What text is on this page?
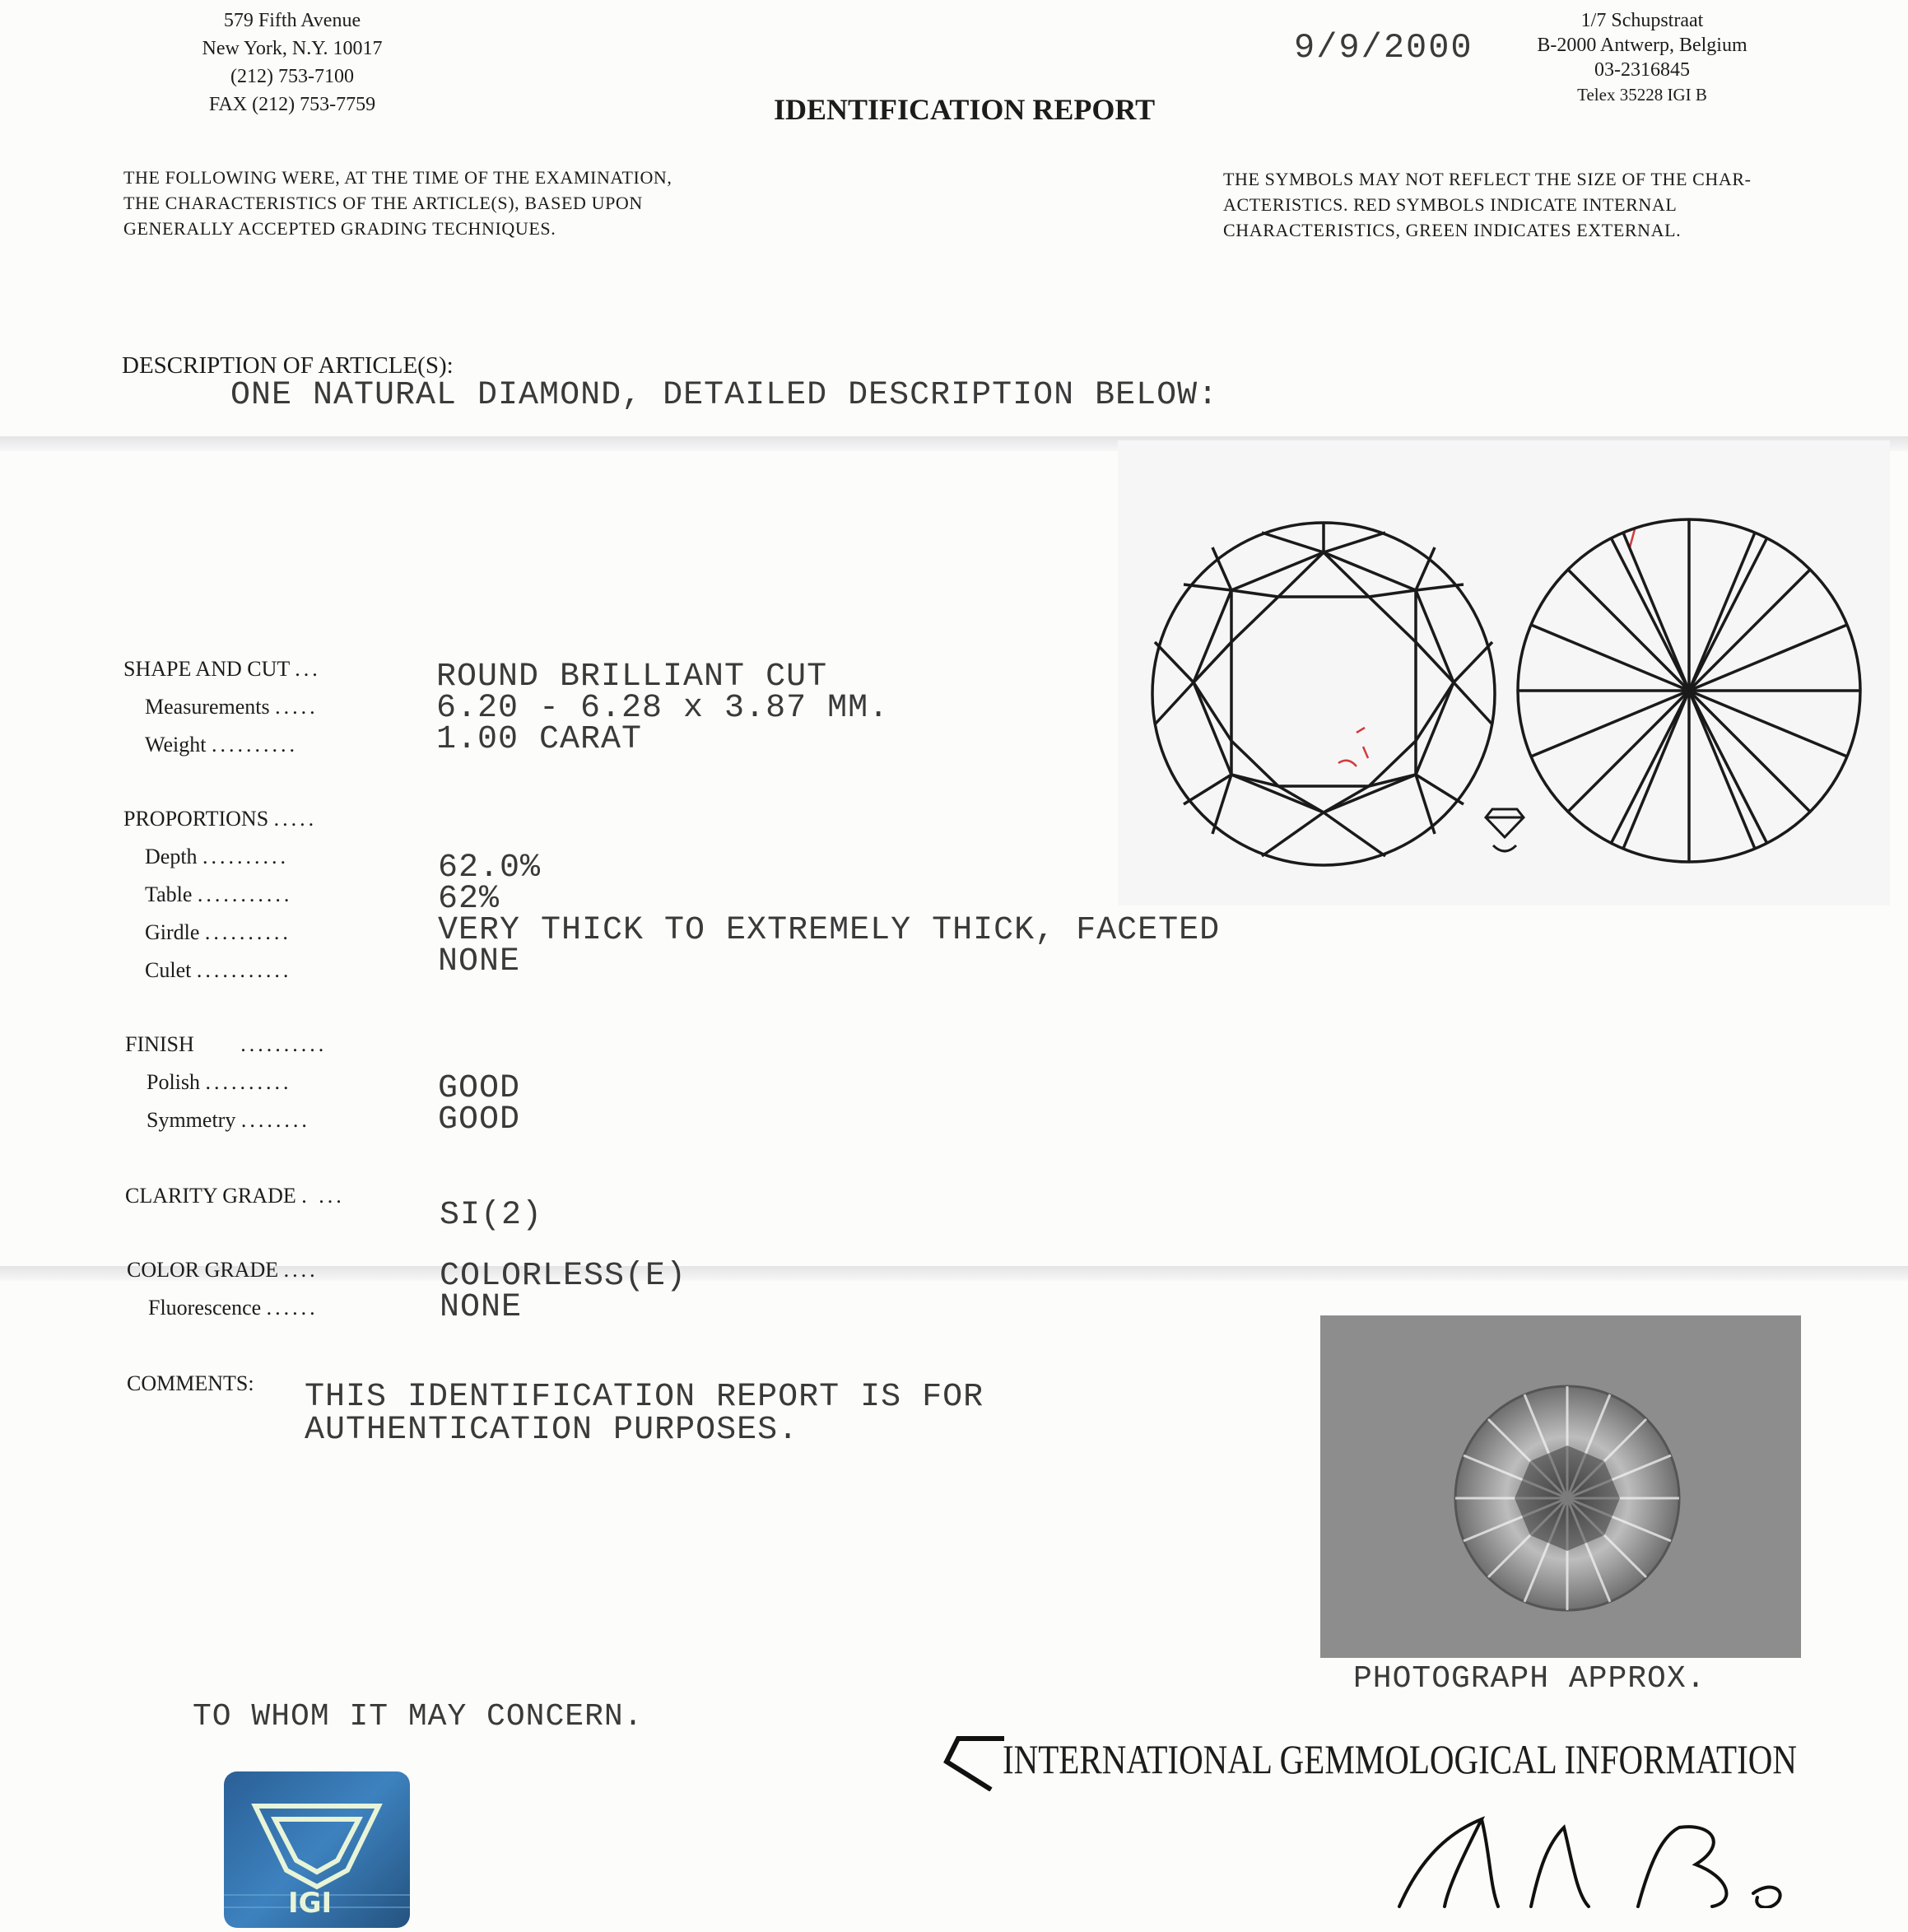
579 Fifth Avenue
New York, N.Y. 10017
(212) 753-7100
FAX (212) 753-7759
9/9/2000
1/7 Schupstraat
B-2000 Antwerp, Belgium
03-2316845
Telex 35228 IGI B
IDENTIFICATION REPORT
THE FOLLOWING WERE, AT THE TIME OF THE EXAMINATION,
THE CHARACTERISTICS OF THE ARTICLE(S), BASED UPON
GENERALLY ACCEPTED GRADING TECHNIQUES.
THE SYMBOLS MAY NOT REFLECT THE SIZE OF THE CHAR-
ACTERISTICS. RED SYMBOLS INDICATE INTERNAL
CHARACTERISTICS, GREEN INDICATES EXTERNAL.
DESCRIPTION OF ARTICLE(S):
ONE NATURAL DIAMOND, DETAILED DESCRIPTION BELOW:
SHAPE AND CUT ...
Measurements .....
Weight ..........
PROPORTIONS .....
Depth ..........
Table ...........
Girdle ..........
Culet ...........
FINISH ..........
Polish ..........
Symmetry ........
CLARITY GRADE . ...
COLOR GRADE ....
Fluorescence ......
COMMENTS:
ROUND BRILLIANT CUT
6.20 - 6.28 x 3.87 MM.
1.00 CARAT
62.0%
62%
VERY THICK TO EXTREMELY THICK, FACETED
NONE
GOOD
GOOD
SI(2)
COLORLESS(E)
NONE
THIS IDENTIFICATION REPORT IS FOR
AUTHENTICATION PURPOSES.
PHOTOGRAPH APPROX.
TO WHOM IT MAY CONCERN.
INTERNATIONAL GEMMOLOGICAL INFORMATION
IGI
